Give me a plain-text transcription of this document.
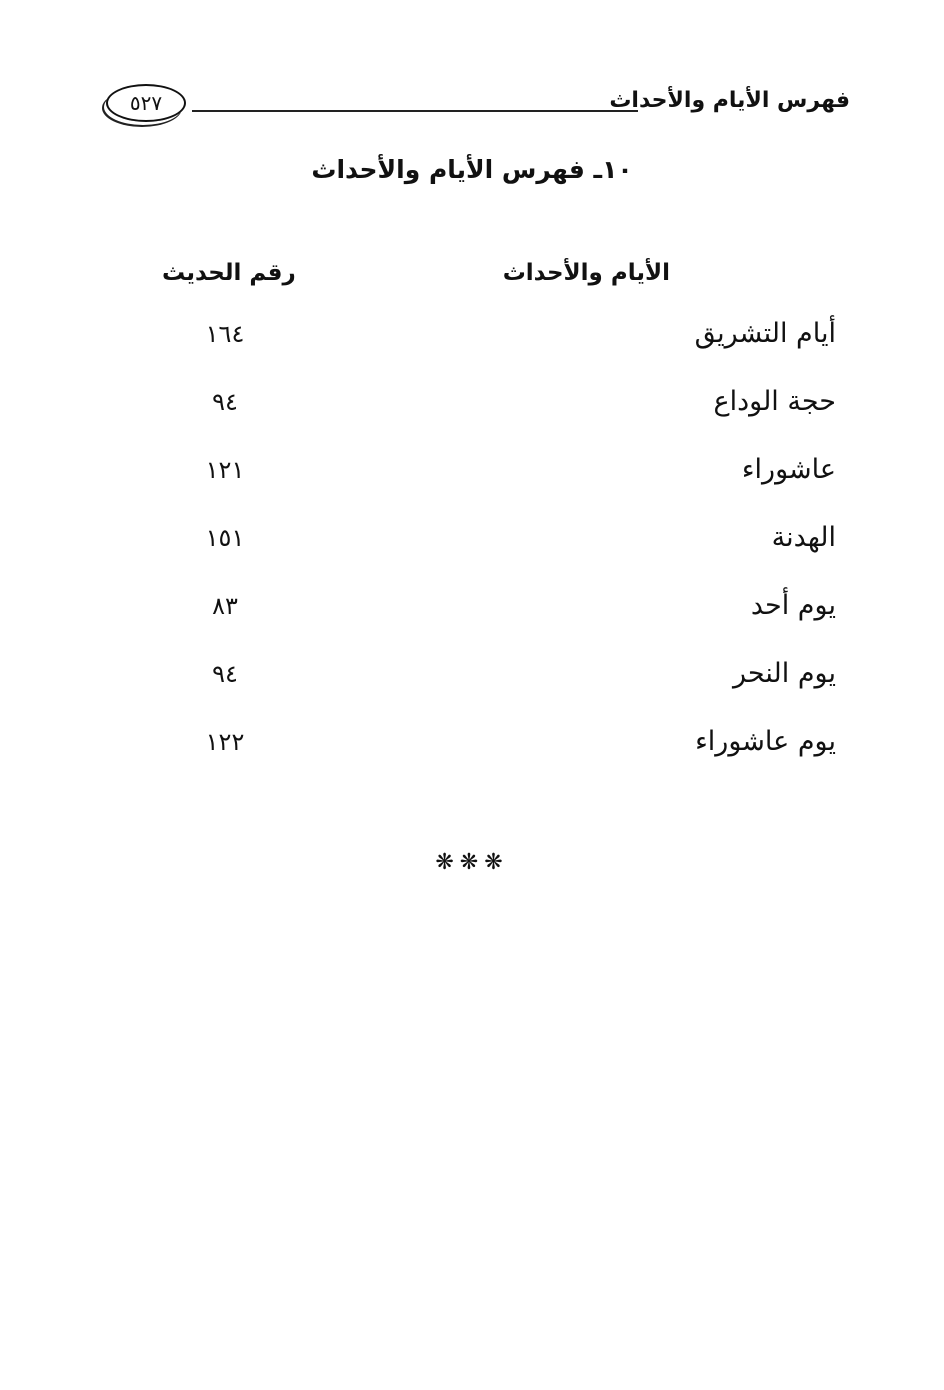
٥٢٧	فهرس الأيام والأحداث
١٠ـ فهرس الأيام والأحداث
الأيام والأحداث
رقم الحديث
أيام التشريق
١٦٤
حجة الوداع
٩٤
عاشوراء
١٢١
الهدنة
١٥١
يوم أحد
٨٣
يوم النحر
٩٤
يوم عاشوراء
١٢٢
❋❋❋
